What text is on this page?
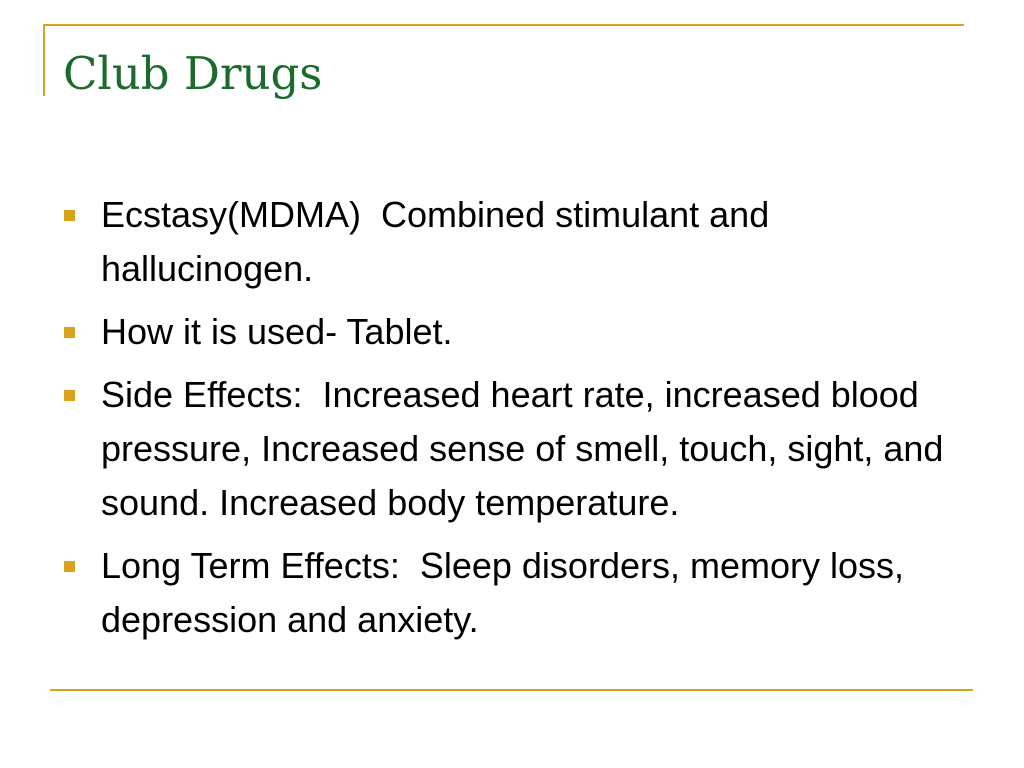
Club Drugs
Ecstasy(MDMA)  Combined stimulant and hallucinogen.
How it is used- Tablet.
Side Effects:  Increased heart rate, increased blood pressure, Increased sense of smell, touch, sight, and sound. Increased body temperature.
Long Term Effects:  Sleep disorders, memory loss, depression and anxiety.
